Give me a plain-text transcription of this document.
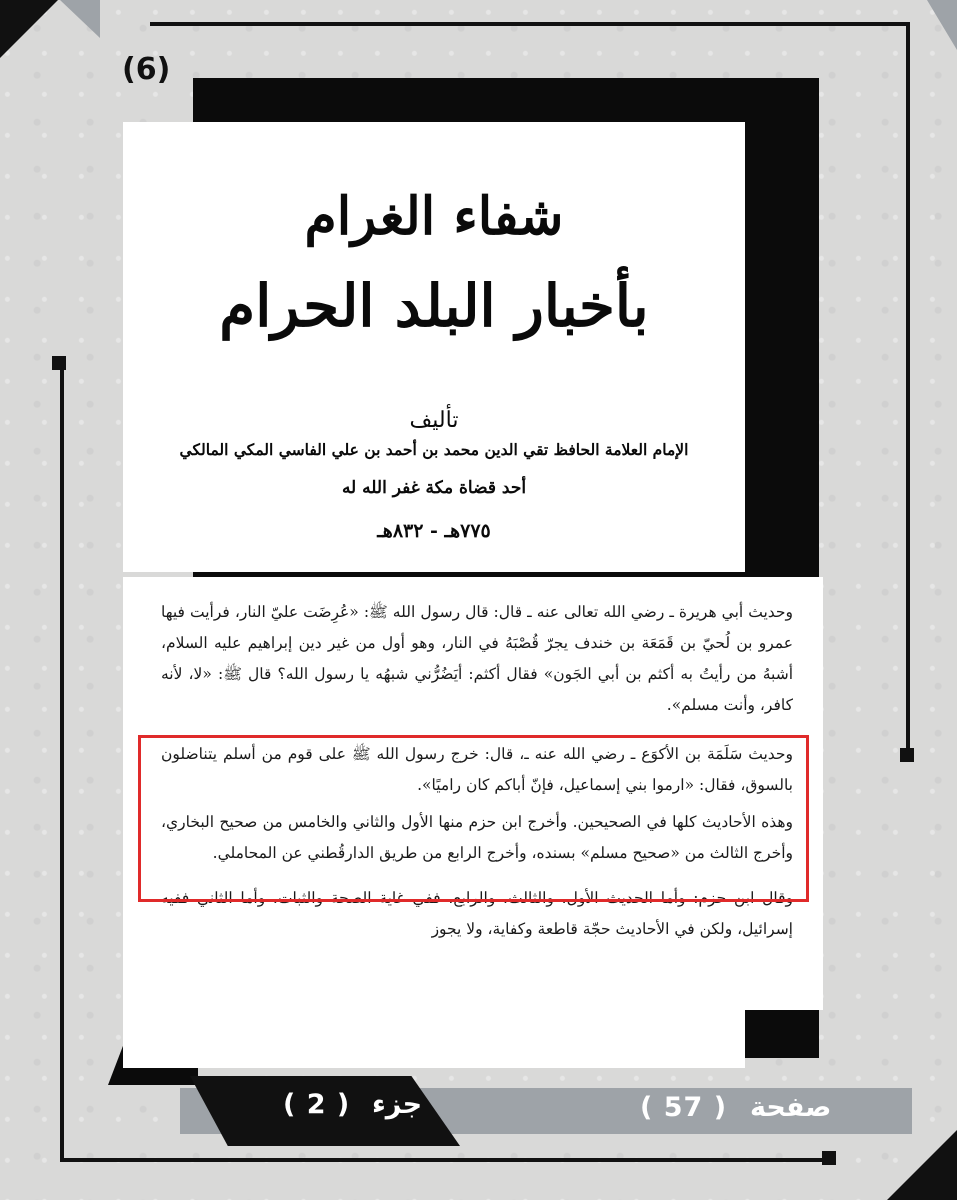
(6)
شفاء الغرام
بأخبار البلد الحرام
تأليف
الإمام العلامة الحافظ تقي الدين محمد بن أحمد بن علي الفاسي المكي المالكي
أحد قضاة مكة غفر الله له
٧٧٥هـ - ٨٣٢هـ

وحديث أبي هريرة ـ رضي الله تعالى عنه ـ قال: قال رسول الله ﷺ: «عُرِضَت عليّ النار، فرأيت فيها عمرو بن لُحيّ بن قَمَعَة بن خندف يجرّ قُصْبَهُ في النار، وهو أول من غير دين إبراهيم عليه السلام، أشبهُ من رأيتُ به أكثم بن أبي الجَون» فقال أكثم: أيَضُرُّني شبهُه يا رسول الله؟ قال ﷺ: «لا، لأنه كافر، وأنت مسلم».

وحديث سَلَمَة بن الأكوَع ـ رضي الله عنه ـ، قال: خرج رسول الله ﷺ على قوم من أسلم يتناضلون بالسوق، فقال: «ارموا بني إسماعيل، فإنّ أباكم كان راميًا».

وهذه الأحاديث كلها في الصحيحين. وأخرج ابن حزم منها الأول والثاني والخامس من صحيح البخاري، وأخرج الثالث من «صحيح مسلم» بسنده، وأخرج الرابع من طريق الدارقُطني عن المحاملي.

وقال ابن حزم: وأما الحديث الأول، والثالث، والرابع، ففي غاية الصحة والثبات. وأما الثاني ففيه إسرائيل، ولكن في الأحاديث حجّة قاطعة وكفاية، ولا يجوز

( 2 ) جزء	( 57 ) صفحة
